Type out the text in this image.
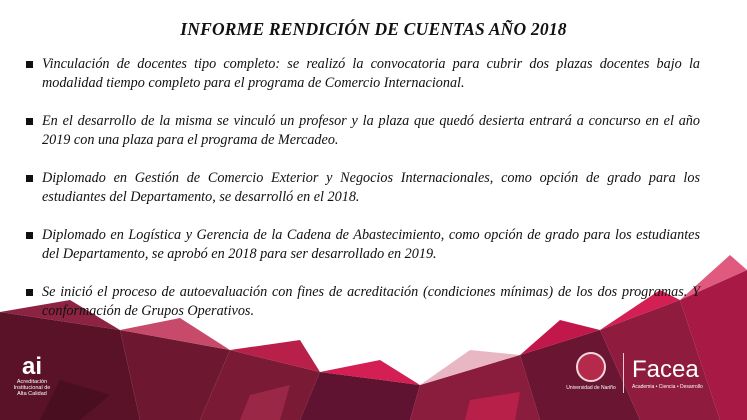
INFORME RENDICIÓN DE CUENTAS AÑO 2018
Vinculación de docentes tipo completo: se realizó la convocatoria para cubrir dos plazas docentes bajo la modalidad tiempo completo para el programa de Comercio Internacional.
En el desarrollo de la misma se vinculó un profesor y la plaza que quedó desierta entrará a concurso en el año 2019 con una plaza para el programa de Mercadeo.
Diplomado en Gestión de Comercio Exterior y Negocios Internacionales, como opción de grado para los estudiantes del Departamento, se desarrolló en el 2018.
Diplomado en Logística y Gerencia de la Cadena de Abastecimiento, como opción de grado para los estudiantes del Departamento, se aprobó en 2018 para ser desarrollado en 2019.
Se inició el proceso de autoevaluación con fines de acreditación (condiciones mínimas) de los dos programas. Y conformación de Grupos Operativos.
ai
Acreditación Institucional de Alta Calidad
Universidad de Nariño
Facea
Academia • Ciencia • Desarrollo
